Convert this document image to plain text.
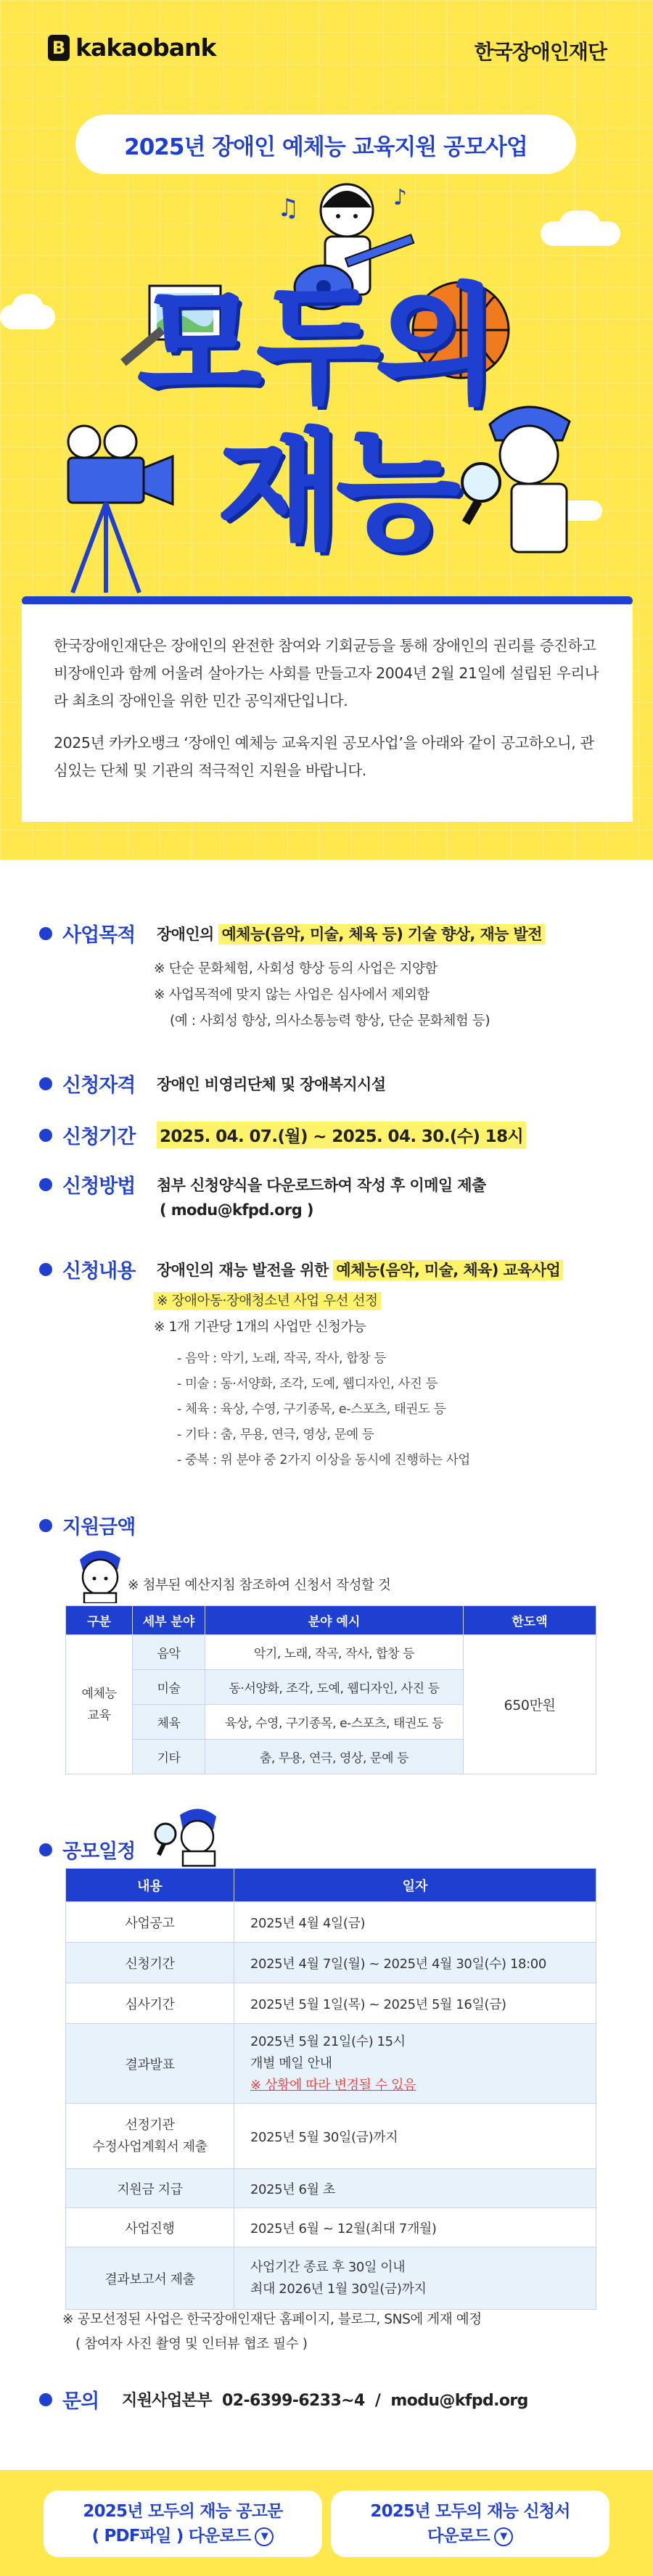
B kakaobank	한국장애인재단
2025년 장애인 예체능 교육지원 공모사업
♫	♪
모두의
재능

한국장애인재단은 장애인의 완전한 참여와 기회균등을 통해 장애인의 권리를 증진하고 비장애인과 함께 어울려 살아가는 사회를 만들고자 2004년 2월 21일에 설립된 우리나라 최초의 장애인을 위한 민간 공익재단입니다.

2025년 카카오뱅크 ‘장애인 예체능 교육지원 공모사업’을 아래와 같이 공고하오니, 관심있는 단체 및 기관의 적극적인 지원을 바랍니다.

사업목적 장애인의 예체능(음악, 미술, 체육 등) 기술 향상, 재능 발전
※ 단순 문화체험, 사회성 향상 등의 사업은 지양함
※ 사업목적에 맞지 않는 사업은 심사에서 제외함
(예 : 사회성 향상, 의사소통능력 향상, 단순 문화체험 등)
신청자격 장애인 비영리단체 및 장애복지시설
신청기간 2025. 04. 07.(월) ~ 2025. 04. 30.(수) 18시
신청방법 첨부 신청양식을 다운로드하여 작성 후 이메일 제출
( modu@kfpd.org )
신청내용 장애인의 재능 발전을 위한 예체능(음악, 미술, 체육) 교육사업
※ 장애아동·장애청소년 사업 우선 선정
※ 1개 기관당 1개의 사업만 신청가능
- 음악 : 악기, 노래, 작곡, 작사, 합창 등
- 미술 : 동·서양화, 조각, 도예, 웹디자인, 사진 등
- 체육 : 육상, 수영, 구기종목, e-스포츠, 태권도 등
- 기타 : 춤, 무용, 연극, 영상, 문예 등
- 중복 : 위 분야 중 2가지 이상을 동시에 진행하는 사업
지원금액
※ 첨부된 예산지침 참조하여 신청서 작성할 것
구분	세부 분야	분야 예시	한도액
예체능 교육	음악	악기, 노래, 작곡, 작사, 합창 등	650만원
	미술	동·서양화, 조각, 도예, 웹디자인, 사진 등	
	체육	육상, 수영, 구기종목, e-스포츠, 태권도 등	
	기타	춤, 무용, 연극, 영상, 문예 등	
공모일정
내용	일자
사업공고	2025년 4월 4일(금)
신청기간	2025년 4월 7일(월) ~ 2025년 4월 30일(수) 18:00
심사기간	2025년 5월 1일(목) ~ 2025년 5월 16일(금)
결과발표	2025년 5월 21일(수) 15시
개별 메일 안내
※ 상황에 따라 변경될 수 있음

선정기관
수정사업계획서 제출	2025년 5월 30일(금)까지
지원금 지급	2025년 6월 초
사업진행	2025년 6월 ~ 12월(최대 7개월)
결과보고서 제출	사업기간 종료 후 30일 이내
최대 2026년 1월 30일(금)까지
※ 공모선정된 사업은 한국장애인재단 홈페이지, 블로그, SNS에 게재 예정
( 참여자 사진 촬영 및 인터뷰 협조 필수 )
문의 지원사업본부  02-6399-6233~4  /  modu@kfpd.org
2025년 모두의 재능 공고문
( PDF파일 ) 다운로드 ▼
2025년 모두의 재능 신청서
다운로드 ▼
